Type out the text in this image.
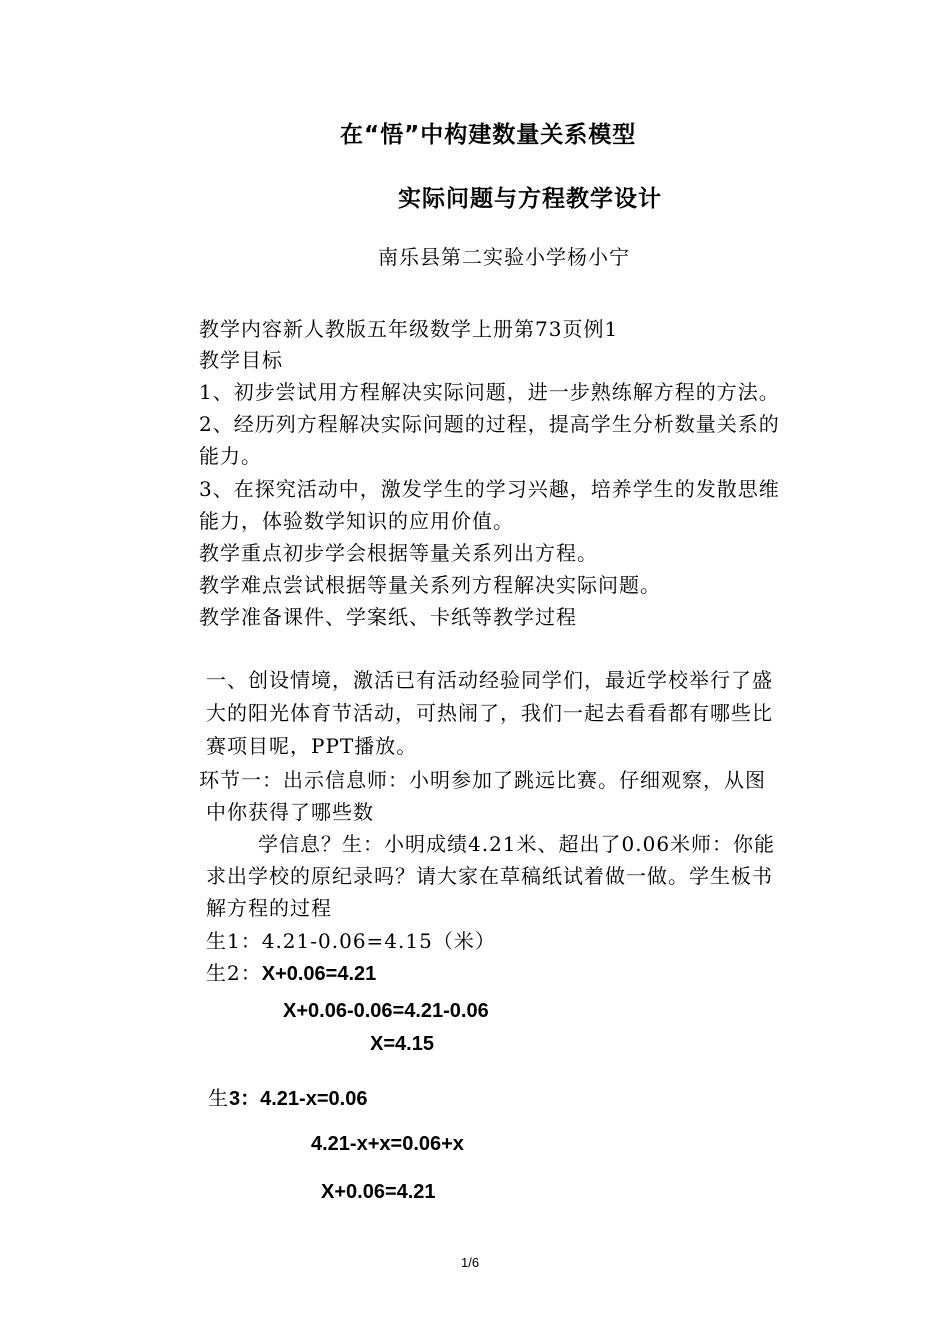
在“悟”中构建数量关系模型
实际问题与方程教学设计
南乐县第二实验小学杨小宁
教学内容新人教版五年级数学上册第73页例1
教学目标
1、初步尝试用方程解决实际问题，进一步熟练解方程的方法。
2、经历列方程解决实际问题的过程，提高学生分析数量关系的
能力。
3、在探究活动中，激发学生的学习兴趣，培养学生的发散思维
能力，体验数学知识的应用价值。
教学重点初步学会根据等量关系列出方程。
教学难点尝试根据等量关系列方程解决实际问题。
教学准备课件、学案纸、卡纸等教学过程
一、创设情境，激活已有活动经验同学们，最近学校举行了盛
大的阳光体育节活动，可热闹了，我们一起去看看都有哪些比
赛项目呢，PPT播放。
环节一：出示信息师：小明参加了跳远比赛。仔细观察，从图
中你获得了哪些数
学信息？生：小明成绩4.21米、超出了0.06米师：你能
求出学校的原纪录吗？请大家在草稿纸试着做一做。学生板书
解方程的过程
生1：4.21-0.06=4.15（米）
生2：X+0.06=4.21
X+0.06-0.06=4.21-0.06
X=4.15
生3：4.21-x=0.06
4.21-x+x=0.06+x
X+0.06=4.21
1/6
